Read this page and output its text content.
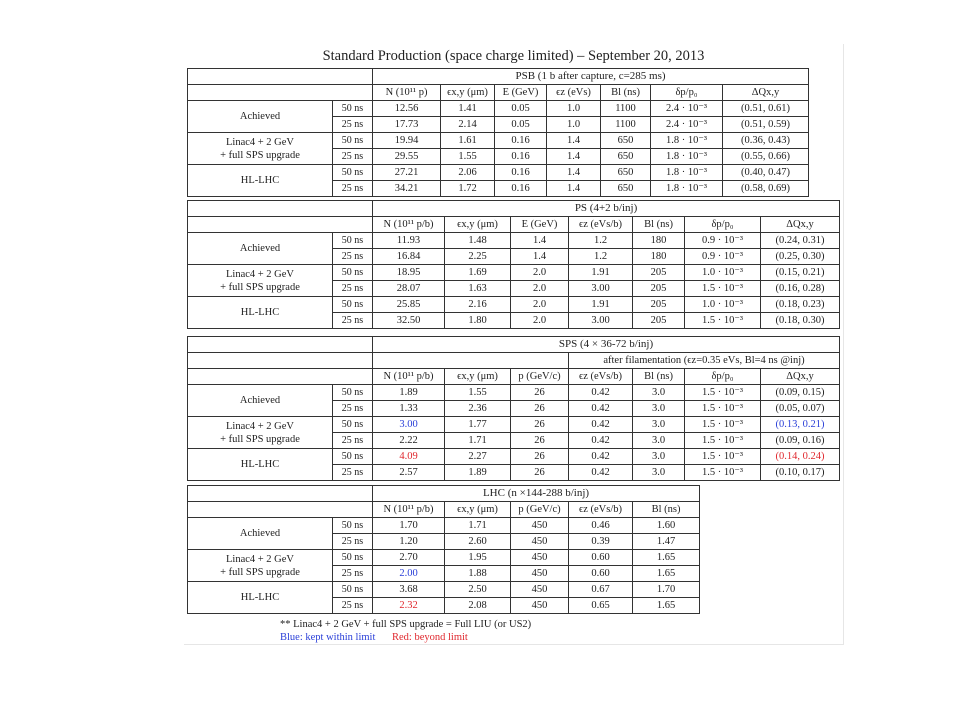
Standard Production (space charge limited) – September 20, 2013
		PSB (1 b after capture, c=285 ms)						
		N (10¹¹ p)	ϵx,y (μm)	E (GeV)	ϵz (eVs)	Bl (ns)	δp/p₀	ΔQx,y
Achieved	50 ns	12.56	1.41	0.05	1.0	1100	2.4 · 10⁻³	(0.51, 0.61)
	25 ns	17.73	2.14	0.05	1.0	1100	2.4 · 10⁻³	(0.51, 0.59)

Linac4 + 2 GeV
+ full SPS upgrade	50 ns	19.94	1.61	0.16	1.4	650	1.8 · 10⁻³	(0.36, 0.43)
	25 ns	29.55	1.55	0.16	1.4	650	1.8 · 10⁻³	(0.55, 0.66)
HL-LHC	50 ns	27.21	2.06	0.16	1.4	650	1.8 · 10⁻³	(0.40, 0.47)
	25 ns	34.21	1.72	0.16	1.4	650	1.8 · 10⁻³	(0.58, 0.69)
		PS (4+2 b/inj)						
		N (10¹¹ p/b)	ϵx,y (μm)	E (GeV)	ϵz (eVs/b)	Bl (ns)	δp/p₀	ΔQx,y
Achieved	50 ns	11.93	1.48	1.4	1.2	180	0.9 · 10⁻³	(0.24, 0.31)
	25 ns	16.84	2.25	1.4	1.2	180	0.9 · 10⁻³	(0.25, 0.30)

Linac4 + 2 GeV
+ full SPS upgrade	50 ns	18.95	1.69	2.0	1.91	205	1.0 · 10⁻³	(0.15, 0.21)
	25 ns	28.07	1.63	2.0	3.00	205	1.5 · 10⁻³	(0.16, 0.28)
HL-LHC	50 ns	25.85	2.16	2.0	1.91	205	1.0 · 10⁻³	(0.18, 0.23)
	25 ns	32.50	1.80	2.0	3.00	205	1.5 · 10⁻³	(0.18, 0.30)
		SPS (4 × 36-72 b/inj)						
					after filamentation (ϵz=0.35 eVs, Bl=4 ns @inj)			
		N (10¹¹ p/b)	ϵx,y (μm)	p (GeV/c)	ϵz (eVs/b)	Bl (ns)	δp/p₀	ΔQx,y
Achieved	50 ns	1.89	1.55	26	0.42	3.0	1.5 · 10⁻³	(0.09, 0.15)
	25 ns	1.33	2.36	26	0.42	3.0	1.5 · 10⁻³	(0.05, 0.07)

Linac4 + 2 GeV
+ full SPS upgrade	50 ns	3.00	1.77	26	0.42	3.0	1.5 · 10⁻³	(0.13, 0.21)
	25 ns	2.22	1.71	26	0.42	3.0	1.5 · 10⁻³	(0.09, 0.16)
HL-LHC	50 ns	4.09	2.27	26	0.42	3.0	1.5 · 10⁻³	(0.14, 0.24)
	25 ns	2.57	1.89	26	0.42	3.0	1.5 · 10⁻³	(0.10, 0.17)
		LHC (n ×144-288 b/inj)				
		N (10¹¹ p/b)	ϵx,y (μm)	p (GeV/c)	ϵz (eVs/b)	Bl (ns)
Achieved	50 ns	1.70	1.71	450	0.46	1.60
	25 ns	1.20	2.60	450	0.39	1.47

Linac4 + 2 GeV
+ full SPS upgrade	50 ns	2.70	1.95	450	0.60	1.65
	25 ns	2.00	1.88	450	0.60	1.65
HL-LHC	50 ns	3.68	2.50	450	0.67	1.70
	25 ns	2.32	2.08	450	0.65	1.65
** Linac4 + 2 GeV + full SPS upgrade = Full LIU (or US2)
Blue: kept within limit Red: beyond limit
